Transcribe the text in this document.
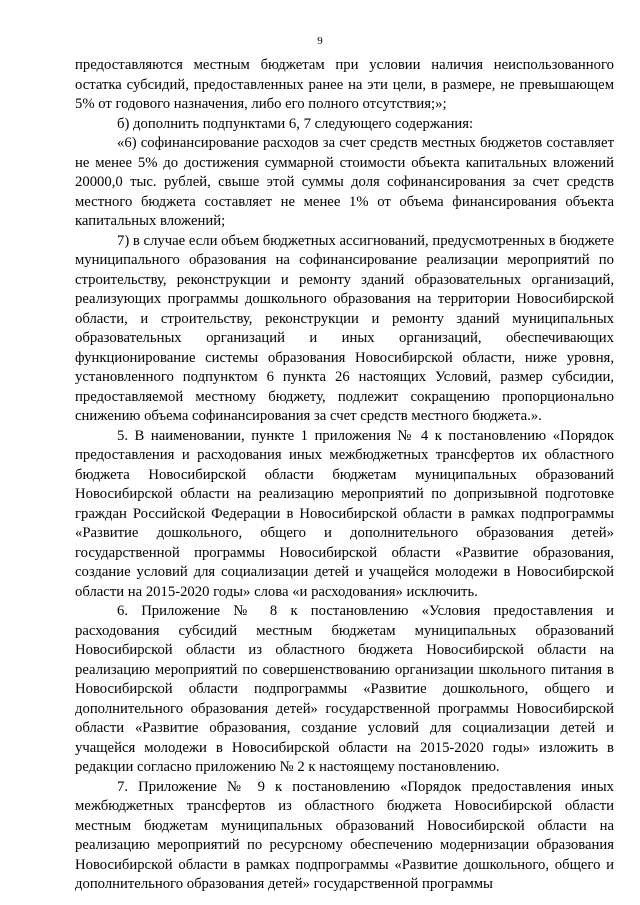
9

предоставляются местным бюджетам при условии наличия неиспользованного остатка субсидий, предоставленных ранее на эти цели, в размере, не превышающем 5% от годового назначения, либо его полного отсутствия;»;

б) дополнить подпунктами 6, 7 следующего содержания:

«6) софинансирование расходов за счет средств местных бюджетов составляет не менее 5% до достижения суммарной стоимости объекта капитальных вложений 20000,0 тыс. рублей, свыше этой суммы доля софинансирования за счет средств местного бюджета составляет не менее 1% от объема финансирования объекта капитальных вложений;

7) в случае если объем бюджетных ассигнований, предусмотренных в бюджете муниципального образования на софинансирование реализации мероприятий по строительству, реконструкции и ремонту зданий образовательных организаций, реализующих программы дошкольного образования на территории Новосибирской области, и строительству, реконструкции и ремонту зданий муниципальных образовательных организаций и иных организаций, обеспечивающих функционирование системы образования Новосибирской области, ниже уровня, установленного подпунктом 6 пункта 26 настоящих Условий, размер субсидии, предоставляемой местному бюджету, подлежит сокращению пропорционально снижению объема софинансирования за счет средств местного бюджета.».

5. В наименовании, пункте 1 приложения № 4 к постановлению «Порядок предоставления и расходования иных межбюджетных трансфертов их областного бюджета Новосибирской области бюджетам муниципальных образований Новосибирской области на реализацию мероприятий по допризывной подготовке граждан Российской Федерации в Новосибирской области в рамках подпрограммы «Развитие дошкольного, общего и дополнительного образования детей» государственной программы Новосибирской области «Развитие образования, создание условий для социализации детей и учащейся молодежи в Новосибирской области на 2015-2020 годы» слова «и расходования» исключить.

6. Приложение № 8 к постановлению «Условия предоставления и расходования субсидий местным бюджетам муниципальных образований Новосибирской области из областного бюджета Новосибирской области на реализацию мероприятий по совершенствованию организации школьного питания в Новосибирской области подпрограммы «Развитие дошкольного, общего и дополнительного образования детей» государственной программы Новосибирской области «Развитие образования, создание условий для социализации детей и учащейся молодежи в Новосибирской области на 2015-2020 годы» изложить в редакции согласно приложению № 2 к настоящему постановлению.

7. Приложение № 9 к постановлению «Порядок предоставления иных межбюджетных трансфертов из областного бюджета Новосибирской области местным бюджетам муниципальных образований Новосибирской области на реализацию мероприятий по ресурсному обеспечению модернизации образования Новосибирской области в рамках подпрограммы «Развитие дошкольного, общего и дополнительного образования детей» государственной программы
